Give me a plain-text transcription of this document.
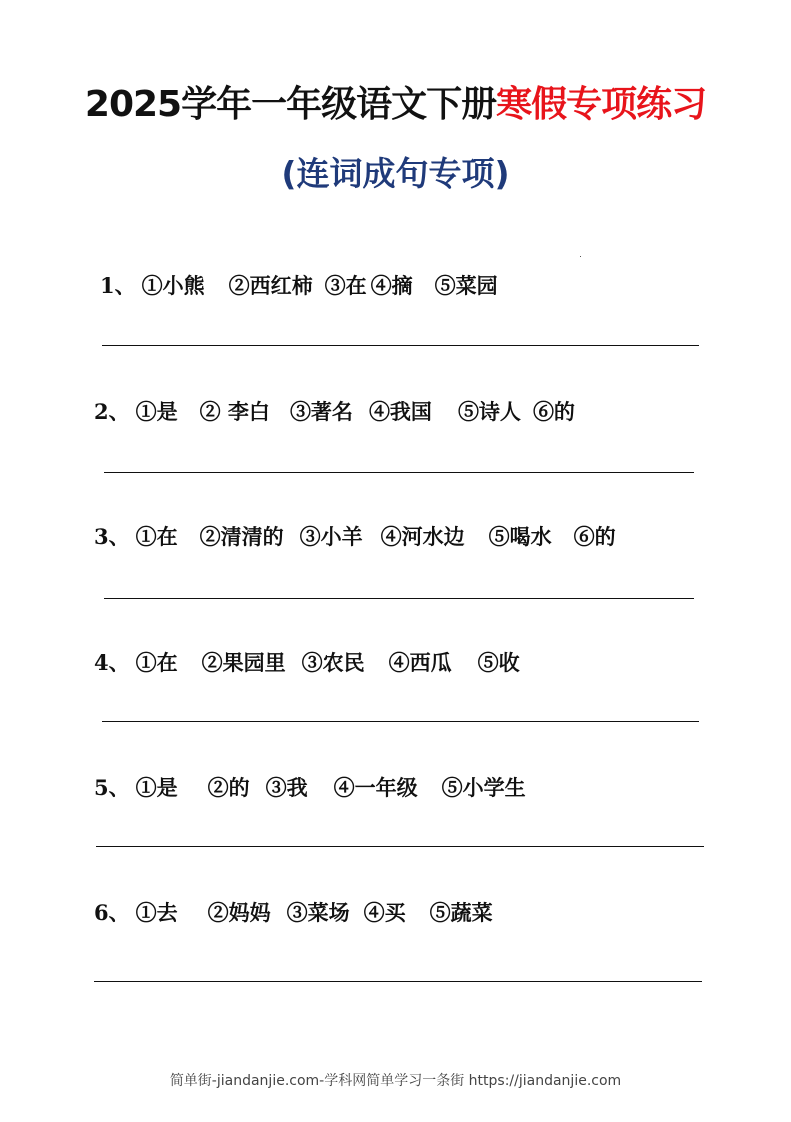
2025学年一年级语文下册寒假专项练习
(连词成句专项)
1、 ①小熊 ②西红柿 ③在 ④摘 ⑤菜园
2、 ①是 ② 李白 ③著名 ④我国 ⑤诗人 ⑥的
3、 ①在 ②清清的 ③小羊 ④河水边 ⑤喝水 ⑥的
4、 ①在 ②果园里 ③农民 ④西瓜 ⑤收
5、 ①是 ②的 ③我 ④一年级 ⑤小学生
6、 ①去 ②妈妈 ③菜场 ④买 ⑤蔬菜
简单街-jiandanjie.com-学科网简单学习一条街 https://jiandanjie.com
